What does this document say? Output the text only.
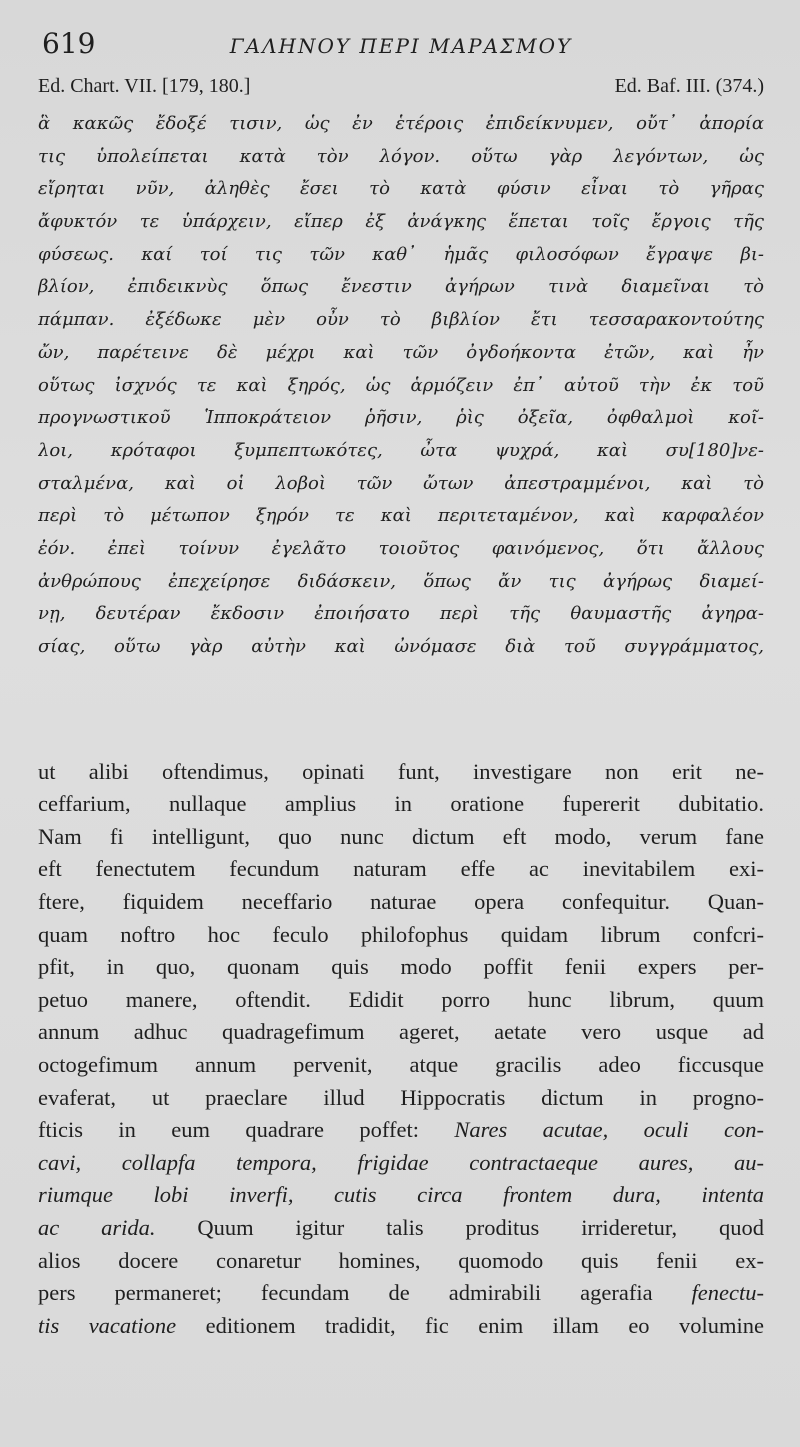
619	ΓΑΛΗΝΟΥ ΠΕΡΙ ΜΑΡΑΣΜΟΥ
Ed. Chart. VII. [179, 180.]	Ed. Baf. III. (374.)
ἃ κακῶς ἔδοξέ τισιν, ὡς ἐν ἑτέροις ἐπιδείκνυμεν, οὔτ᾽ ἀπορία
τις ὑπολείπεται κατὰ τὸν λόγον. οὕτω γὰρ λεγόντων, ὡς
εἴρηται νῦν, ἀληθὲς ἔσει τὸ κατὰ φύσιν εἶναι τὸ γῆρας
ἄφυκτόν τε ὑπάρχειν, εἴπερ ἐξ ἀνάγκης ἕπεται τοῖς ἔργοις τῆς
φύσεως. καί τοί τις τῶν καθ᾽ ἡμᾶς φιλοσόφων ἔγραψε βι-
βλίον, ἐπιδεικνὺς ὅπως ἔνεστιν ἀγήρων τινὰ διαμεῖναι τὸ
πάμπαν. ἐξέδωκε μὲν οὖν τὸ βιβλίον ἔτι τεσσαρακοντούτης
ὤν, παρέτεινε δὲ μέχρι καὶ τῶν ὀγδοήκοντα ἐτῶν, καὶ ἦν
οὕτως ἰσχνός τε καὶ ξηρός, ὡς ἁρμόζειν ἐπ᾽ αὐτοῦ τὴν ἐκ τοῦ
προγνωστικοῦ Ἱπποκράτειον ῥῆσιν, ῥὶς ὀξεῖα, ὀφθαλμοὶ κοῖ-
λοι, κρόταφοι ξυμπεπτωκότες, ὦτα ψυχρά, καὶ συ[180]νε-
σταλμένα, καὶ οἱ λοβοὶ τῶν ὤτων ἀπεστραμμένοι, καὶ τὸ
περὶ τὸ μέτωπον ξηρόν τε καὶ περιτεταμένον, καὶ καρφαλέον
ἐόν. ἐπεὶ τοίνυν ἐγελᾶτο τοιοῦτος φαινόμενος, ὅτι ἄλλους
ἀνθρώπους ἐπεχείρησε διδάσκειν, ὅπως ἄν τις ἀγήρως διαμεί-
νῃ, δευτέραν ἔκδοσιν ἐποιήσατο περὶ τῆς θαυμαστῆς ἀγηρα-
σίας, οὕτω γὰρ αὐτὴν καὶ ὠνόμασε διὰ τοῦ συγγράμματος,
ut alibi oftendimus, opinati funt, investigare non erit ne-
ceffarium, nullaque amplius in oratione fupererit dubitatio.
Nam fi intelligunt, quo nunc dictum eft modo, verum fane
eft fenectutem fecundum naturam effe ac inevitabilem exi-
ftere, fiquidem neceffario naturae opera confequitur. Quan-
quam noftro hoc feculo philofophus quidam librum confcri-
pfit, in quo, quonam quis modo poffit fenii expers per-
petuo manere, oftendit. Edidit porro hunc librum, quum
annum adhuc quadragefimum ageret, aetate vero usque ad
octogefimum annum pervenit, atque gracilis adeo ficcusque
evaferat, ut praeclare illud Hippocratis dictum in progno-
fticis in eum quadrare poffet: Nares acutae, oculi con-
cavi, collapfa tempora, frigidae contractaeque aures, au-
riumque lobi inverfi, cutis circa frontem dura, intenta
ac arida. Quum igitur talis proditus irrideretur, quod
alios docere conaretur homines, quomodo quis fenii ex-
pers permaneret; fecundam de admirabili agerafia fenectu-
tis vacatione editionem tradidit, fic enim illam eo volumine
